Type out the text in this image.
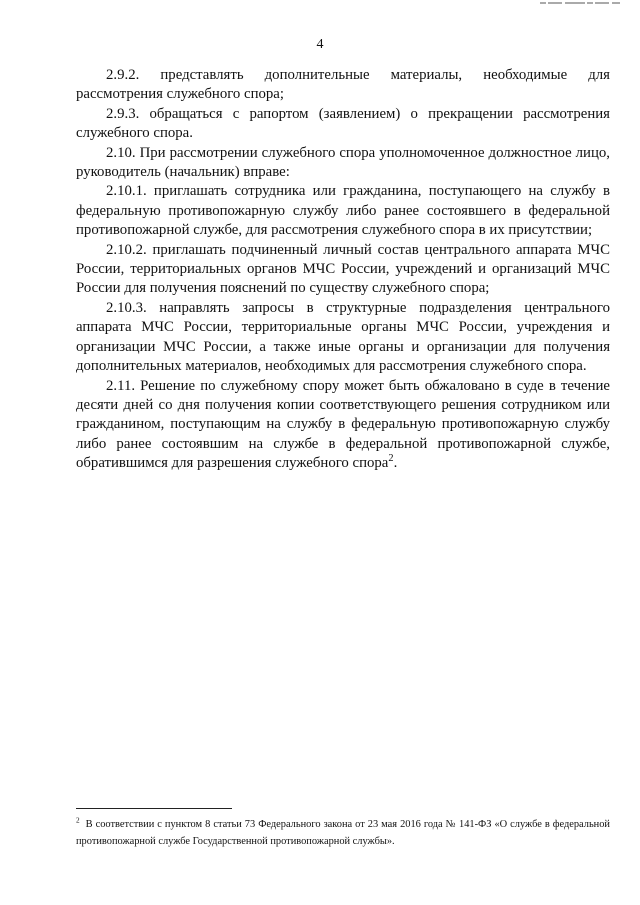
4

2.9.2. представлять дополнительные материалы, необходимые для рассмотрения служебного спора;

2.9.3. обращаться с рапортом (заявлением) о прекращении рассмотрения служебного спора.

2.10. При рассмотрении служебного спора уполномоченное должностное лицо, руководитель (начальник) вправе:

2.10.1. приглашать сотрудника или гражданина, поступающего на службу в федеральную противопожарную службу либо ранее состоявшего в федеральной противопожарной службе, для рассмотрения служебного спора в их присутствии;

2.10.2. приглашать подчиненный личный состав центрального аппарата МЧС России, территориальных органов МЧС России, учреждений и организаций МЧС России для получения пояснений по существу служебного спора;

2.10.3. направлять запросы в структурные подразделения центрального аппарата МЧС России, территориальные органы МЧС России, учреждения и организации МЧС России, а также иные органы и организации для получения дополнительных материалов, необходимых для рассмотрения служебного спора.

2.11. Решение по служебному спору может быть обжаловано в суде в течение десяти дней со дня получения копии соответствующего решения сотрудником или гражданином, поступающим на службу в федеральную противопожарную службу либо ранее состоявшим на службе в федеральной противопожарной службе, обратившимся для разрешения служебного спора$^2$.

$^2$ В соответствии с пунктом 8 статьи 73 Федерального закона от 23 мая 2016 года № 141-ФЗ «О службе в федеральной противопожарной службе Государственной противопожарной службы».
